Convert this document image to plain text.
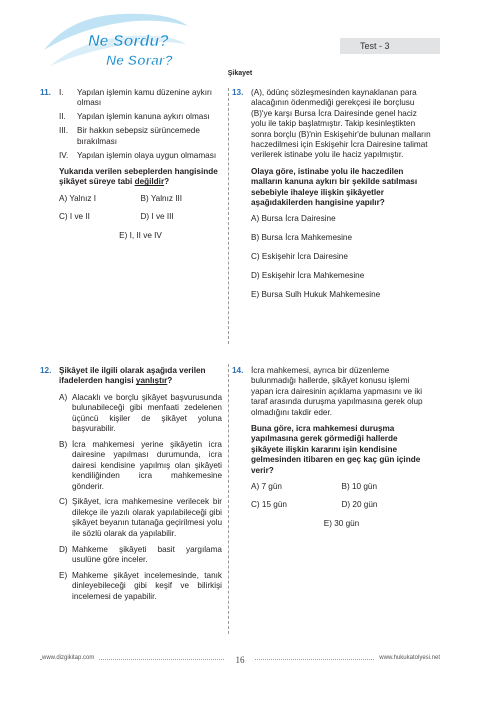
Ne Sordu?
Ne Sorar?
Test - 3
Şikayet
11. I.	Yapılan işlemin kamu düzenine aykırı olması
II.	Yapılan işlemin kanuna aykırı olması
III.	Bir hakkın sebepsiz sürüncemede bırakılması
IV.	Yapılan işlemin olaya uygun olmaması
Yukarıda verilen sebeplerden hangisinde şikâyet süreye tabi değildir?
A) Yalnız I	B) Yalnız III
C) I ve II	D) I ve III
E) I, II ve IV
13. (A), ödünç sözleşmesinden kaynaklanan para alacağının ödenmediği gerekçesi ile borçlusu (B)'ye karşı Bursa İcra Dairesinde genel haciz yolu ile takip başlatmıştır. Takip kesinleştikten sonra borçlu (B)'nin Eskişehir'de bulunan malların haczedilmesi için Eskişehir İcra Dairesine talimat verilerek istinabe yolu ile haciz yapılmıştır.
Olaya göre, istinabe yolu ile haczedilen malların kanuna aykırı bir şekilde satılması sebebiyle ihaleye ilişkin şikâyetler aşağıdakilerden hangisine yapılır?
A) Bursa İcra Dairesine
B) Bursa İcra Mahkemesine
C) Eskişehir İcra Dairesine
D) Eskişehir İcra Mahkemesine
E) Bursa Sulh Hukuk Mahkemesine
12. Şikâyet ile ilgili olarak aşağıda verilen ifadelerden hangisi yanlıştır?
A) Alacaklı ve borçlu şikâyet başvurusunda bulunabileceği gibi menfaati zedelenen üçüncü kişiler de şikâyet yoluna başvurabilir.
B) İcra mahkemesi yerine şikâyetin icra dairesine yapılması durumunda, icra dairesi kendisine yapılmış olan şikâyeti kendiliğinden icra mahkemesine gönderir.
C) Şikâyet, icra mahkemesine verilecek bir dilekçe ile yazılı olarak yapılabileceği gibi şikâyet beyanın tutanağa geçirilmesi yolu ile sözlü olarak da yapılabilir.
D) Mahkeme şikâyeti basit yargılama usulüne göre inceler.
E) Mahkeme şikâyet incelemesinde, tanık dinleyebileceği gibi keşif ve bilirkişi incelemesi de yapabilir.
14. İcra mahkemesi, ayrıca bir düzenleme bulunmadığı hallerde, şikâyet konusu işlemi yapan icra dairesinin açıklama yapmasını ve iki taraf arasında duruşma yapılmasına gerek olup olmadığını takdir eder.
Buna göre, icra mahkemesi duruşma yapılmasına gerek görmediği hallerde şikâyete ilişkin kararını işin kendisine gelmesinden itibaren en geç kaç gün içinde verir?
A) 7 gün	B) 10 gün
C) 15 gün	D) 20 gün
E) 30 gün
www.dizgikitap.com	16	www.hukukatolyesi.net
